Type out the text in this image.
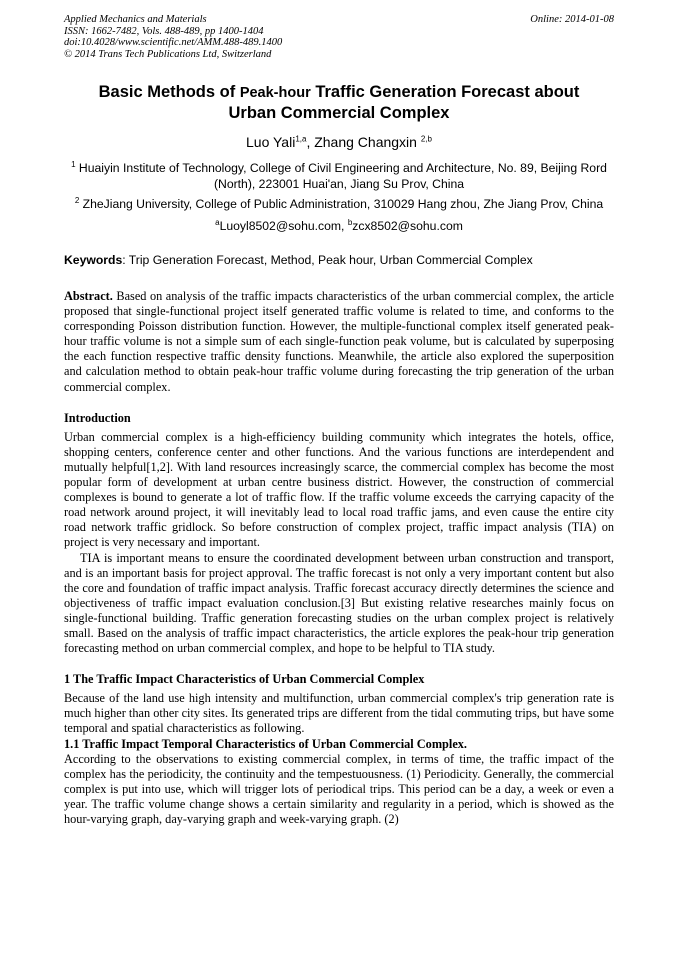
Applied Mechanics and Materials	Online: 2014-01-08
ISSN: 1662-7482, Vols. 488-489, pp 1400-1404
doi:10.4028/www.scientific.net/AMM.488-489.1400
© 2014 Trans Tech Publications Ltd, Switzerland
Basic Methods of Peak-hour Traffic Generation Forecast about
Urban Commercial Complex
Luo Yali$^{1,a}$, Zhang Changxin $^{2,b}$
$^1$ Huaiyin Institute of Technology, College of Civil Engineering and Architecture, No. 89, Beijing Rord (North), 223001 Huai'an, Jiang Su Prov, China
$^2$ ZheJiang University, College of Public Administration, 310029 Hang zhou, Zhe Jiang Prov, China
$^a$Luoyl8502@sohu.com, $^b$zcx8502@sohu.com
Keywords: Trip Generation Forecast, Method, Peak hour, Urban Commercial Complex

Abstract. Based on analysis of the traffic impacts characteristics of the urban commercial complex, the article proposed that single-functional project itself generated traffic volume is related to time, and conforms to the corresponding Poisson distribution function. However, the multiple-functional complex itself generated peak-hour traffic volume is not a simple sum of each single-function peak volume, but is calculated by superposing the each function respective traffic density functions. Meanwhile, the article also explored the superposition and calculation method to obtain peak-hour traffic volume during forecasting the trip generation of the urban commercial complex.

Introduction

Urban commercial complex is a high-efficiency building community which integrates the hotels, office, shopping centers, conference center and other functions. And the various functions are interdependent and mutually helpful[1,2]. With land resources increasingly scarce, the commercial complex has become the most popular form of development at urban centre business district. However, the construction of commercial complexes is bound to generate a lot of traffic flow. If the traffic volume exceeds the carrying capacity of the road network around project, it will inevitably lead to local road traffic jams, and even cause the entire city road network traffic gridlock. So before construction of complex project, traffic impact analysis (TIA) on project is very necessary and important.

TIA is important means to ensure the coordinated development between urban construction and transport, and is an important basis for project approval. The traffic forecast is not only a very important content but also the core and foundation of traffic impact analysis. Traffic forecast accuracy directly determines the science and objectiveness of traffic impact evaluation conclusion.[3] But existing relative researches mainly focus on single-functional building. Traffic generation forecasting studies on the urban complex project is relatively small. Based on the analysis of traffic impact characteristics, the article explores the peak-hour trip generation forecasting method on urban commercial complex, and hope to be helpful to TIA study.

1 The Traffic Impact Characteristics of Urban Commercial Complex

Because of the land use high intensity and multifunction, urban commercial complex's trip generation rate is much higher than other city sites. Its generated trips are different from the tidal commuting trips, but have some temporal and spatial characteristics as following.

1.1 Traffic Impact Temporal Characteristics of Urban Commercial Complex.

According to the observations to existing commercial complex, in terms of time, the traffic impact of the complex has the periodicity, the continuity and the tempestuousness. (1) Periodicity. Generally, the commercial complex is put into use, which will trigger lots of periodical trips. This period can be a day, a week or even a year. The traffic volume change shows a certain similarity and regularity in a period, which is showed as the hour-varying graph, day-varying graph and week-varying graph. (2)
